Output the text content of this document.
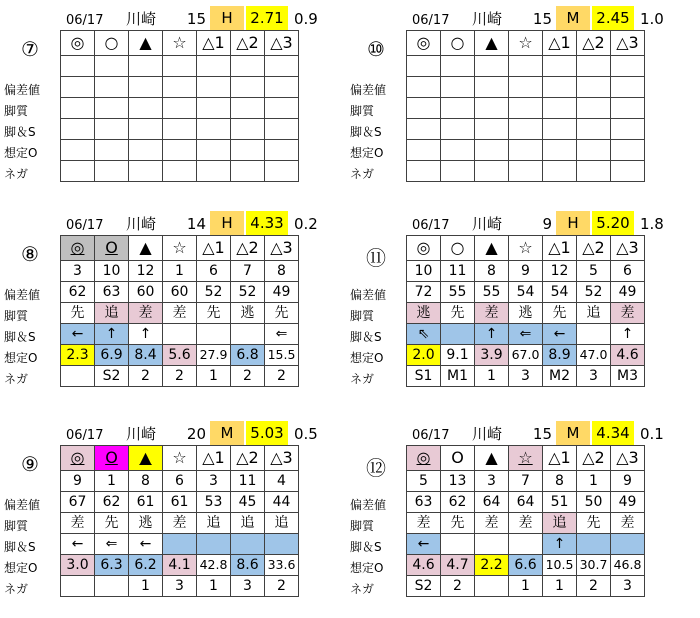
06/17 川崎 15	H	2.71 0.9
⑦
偏差値
脚質
脚＆S
想定O
ネガ
◎	○	▲	☆	△1	△2	△3

06/17 川崎 15 M	2.45 1.0
⑩
偏差値
脚質
脚＆S
想定O
ネガ
◎	○	▲	☆	△1	△2	△3

06/17 川崎 14	H	4.33 0.2
⑧
偏差値
脚質
脚＆S
想定O
ネガ
◎	O	▲	☆	△1	△2	△3
3	10	12	1	6	7	8
62	63	60	60	52	52	49
先	追	差	差	先	逃	先
←	↑	↑				⇐
2.3	6.9	8.4	5.6	27.9	6.8	15.5
	S2	2	2	1	2	2
06/17 川崎	9	H	5.20 1.8
⑪
偏差値
脚質
脚＆S
想定O
ネガ
◎	○	▲	☆	△1	△2	△3
10	11	8	9	12	5	6
72	55	55	54	54	52	49
逃	先	差	逃	先	追	差
⇖		↑	⇐	←		↑
2.0	9.1	3.9	67.0	8.9	47.0	4.6
S1	M1	1	3	M2	3	M3
06/17 川崎 20 M	5.03 0.5
⑨
偏差値
脚質
脚＆S
想定O
ネガ
◎	O	▲	☆	△1	△2	△3
9	1	8	6	3	11	4
67	62	61	61	53	45	44
差	先	逃	差	追	追	追
←	⇐	←				
3.0	6.3	6.2	4.1	42.8	8.6	33.6
		1	3	1	3	2
06/17 川崎 15 M	4.34 0.1
⑫
偏差値
脚質
脚＆S
想定O
ネガ
◎	O	▲	☆	△1	△2	△3
5	13	3	7	8	1	9
63	62	64	64	51	50	49
差	先	差	差	追	先	差
←				↑		
4.6	4.7	2.2	6.6	10.5	30.7	46.8
S2	2		1	1	2	3
